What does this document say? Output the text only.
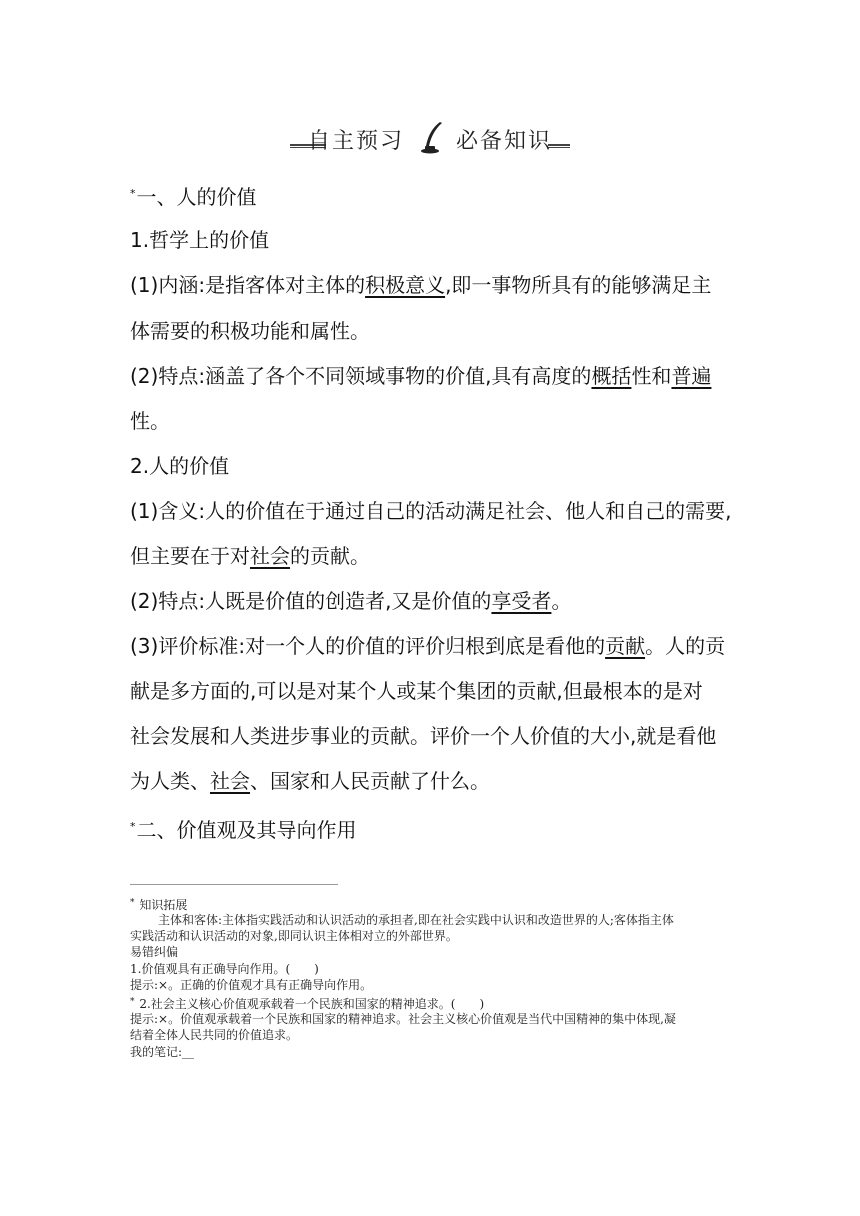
自主预习 必备知识
*一、人的价值
1.哲学上的价值
(1)内涵:是指客体对主体的积极意义,即一事物所具有的能够满足主
体需要的积极功能和属性。
(2)特点:涵盖了各个不同领域事物的价值,具有高度的概括性和普遍
性。
2.人的价值
(1)含义:人的价值在于通过自己的活动满足社会、他人和自己的需要,
但主要在于对社会的贡献。
(2)特点:人既是价值的创造者,又是价值的享受者。
(3)评价标准:对一个人的价值的评价归根到底是看他的贡献。人的贡
献是多方面的,可以是对某个人或某个集团的贡献,但最根本的是对
社会发展和人类进步事业的贡献。评价一个人价值的大小,就是看他
为人类、社会、国家和人民贡献了什么。
*二、价值观及其导向作用
* 知识拓展
主体和客体:主体指实践活动和认识活动的承担者,即在社会实践中认识和改造世界的人;客体指主体
实践活动和认识活动的对象,即同认识主体相对立的外部世界。
易错纠偏
1.价值观具有正确导向作用。(　　)
提示:×。正确的价值观才具有正确导向作用。
* 2.社会主义核心价值观承载着一个民族和国家的精神追求。(　　)
提示:×。价值观承载着一个民族和国家的精神追求。社会主义核心价值观是当代中国精神的集中体现,凝
结着全体人民共同的价值追求。
我的笔记:__
